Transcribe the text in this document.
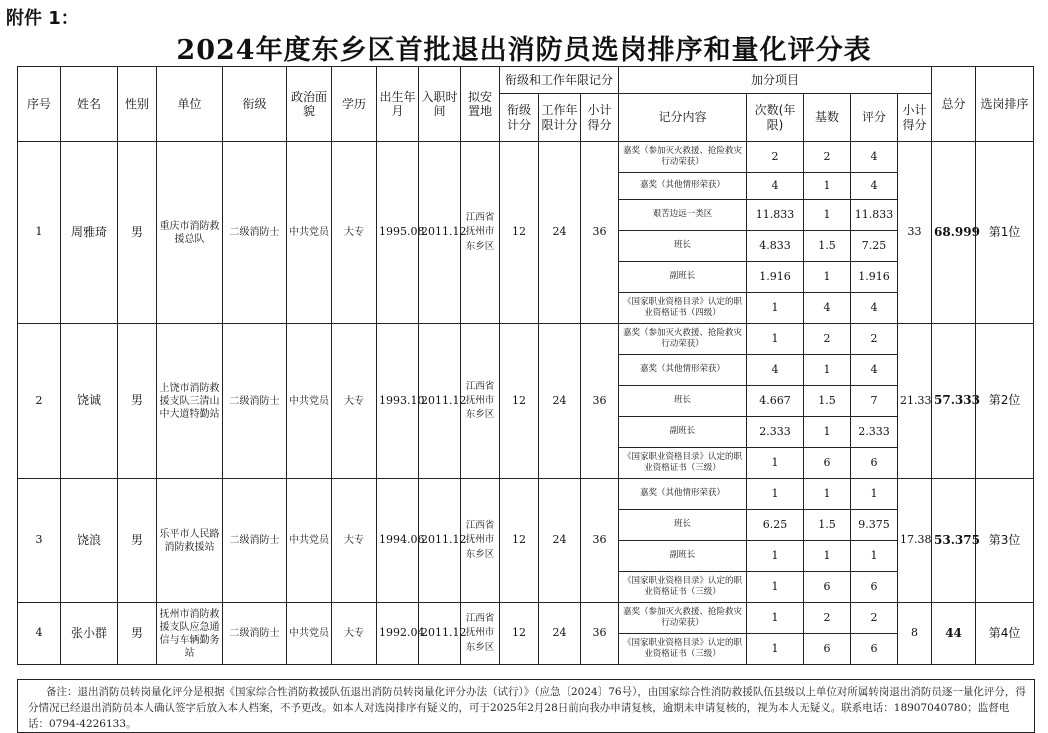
附件 1：
2024年度东乡区首批退出消防员选岗排序和量化评分表
序号	姓名	性别	单位	衔级	政治面貌	学历	出生年月	入职时间	拟安置地	衔级和工作年限记分			加分项目					总分	选岗排序
										衔级计分	工作年限计分	小计得分	记分内容	次数(年限)	基数	评分	小计得分		
1	周雅琦	男	重庆市消防救援总队	二级消防士	中共党员	大专	1995.08	2011.12	江西省抚州市东乡区	12	24	36	嘉奖（参加灭火救援、抢险救灾行动荣获）	2	2	4	33	68.999	第1位
													嘉奖（其他情形荣获）	4	1	4			
													艰苦边远一类区	11.833	1	11.833			
													班长	4.833	1.5	7.25			
													副班长	1.916	1	1.916			
													《国家职业资格目录》认定的职业资格证书（四级）	1	4	4			
2	饶诚	男	上饶市消防救援支队三清山中大道特勤站	二级消防士	中共党员	大专	1993.10	2011.12	江西省抚州市东乡区	12	24	36	嘉奖（参加灭火救援、抢险救灾行动荣获）	1	2	2	21.33	57.333	第2位
													嘉奖（其他情形荣获）	4	1	4			
													班长	4.667	1.5	7			
													副班长	2.333	1	2.333			
													《国家职业资格目录》认定的职业资格证书（三级）	1	6	6			
3	饶浪	男	乐平市人民路消防救援站	二级消防士	中共党员	大专	1994.06	2011.12	江西省抚州市东乡区	12	24	36	嘉奖（其他情形荣获）	1	1	1	17.38	53.375	第3位
													班长	6.25	1.5	9.375			
													副班长	1	1	1			
													《国家职业资格目录》认定的职业资格证书（三级）	1	6	6			
4	张小群	男	抚州市消防救援支队应急通信与车辆勤务站	二级消防士	中共党员	大专	1992.04	2011.12	江西省抚州市东乡区	12	24	36	嘉奖（参加灭火救援、抢险救灾行动荣获）	1	2	2	8	44	第4位
													《国家职业资格目录》认定的职业资格证书（三级）	1	6	6			
备注：退出消防员转岗量化评分是根据《国家综合性消防救援队伍退出消防员转岗量化评分办法（试行）》（应急〔2024〕76号），由国家综合性消防救援队伍县级以上单位对所属转岗退出消防员逐一量化评分，得分情况已经退出消防员本人确认签字后放入本人档案，不予更改。如本人对选岗排序有疑义的，可于2025年2月28日前向我办申请复核，逾期未申请复核的，视为本人无疑义。联系电话：18907040780；监督电话：0794-4226133。
